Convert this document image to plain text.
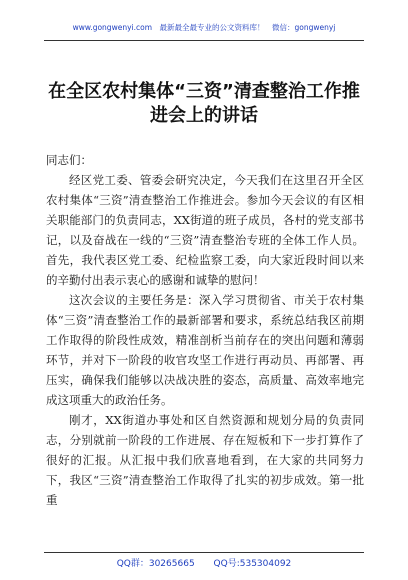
www.gongwenyi.com　最新最全最专业的公文资料库！　微信：gongwenyj
在全区农村集体“三资”清查整治工作推
进会上的讲话

同志们：

经区党工委、管委会研究决定，今天我们在这里召开全区农村集体“三资”清查整治工作推进会。参加今天会议的有区相关职能部门的负责同志，XX街道的班子成员，各村的党支部书记，以及奋战在一线的“三资”清查整治专班的全体工作人员。首先，我代表区党工委、纪检监察工委，向大家近段时间以来的辛勤付出表示衷心的感谢和诚挚的慰问！

这次会议的主要任务是：深入学习贯彻省、市关于农村集体“三资”清查整治工作的最新部署和要求，系统总结我区前期工作取得的阶段性成效，精准剖析当前存在的突出问题和薄弱环节，并对下一阶段的收官攻坚工作进行再动员、再部署、再压实，确保我们能够以决战决胜的姿态，高质量、高效率地完成这项重大的政治任务。

刚才，XX街道办事处和区自然资源和规划分局的负责同志，分别就前一阶段的工作进展、存在短板和下一步打算作了很好的汇报。从汇报中我们欣喜地看到，在大家的共同努力下，我区“三资”清查整治工作取得了扎实的初步成效。第一批重

QQ群：30265665 QQ号:535304092
